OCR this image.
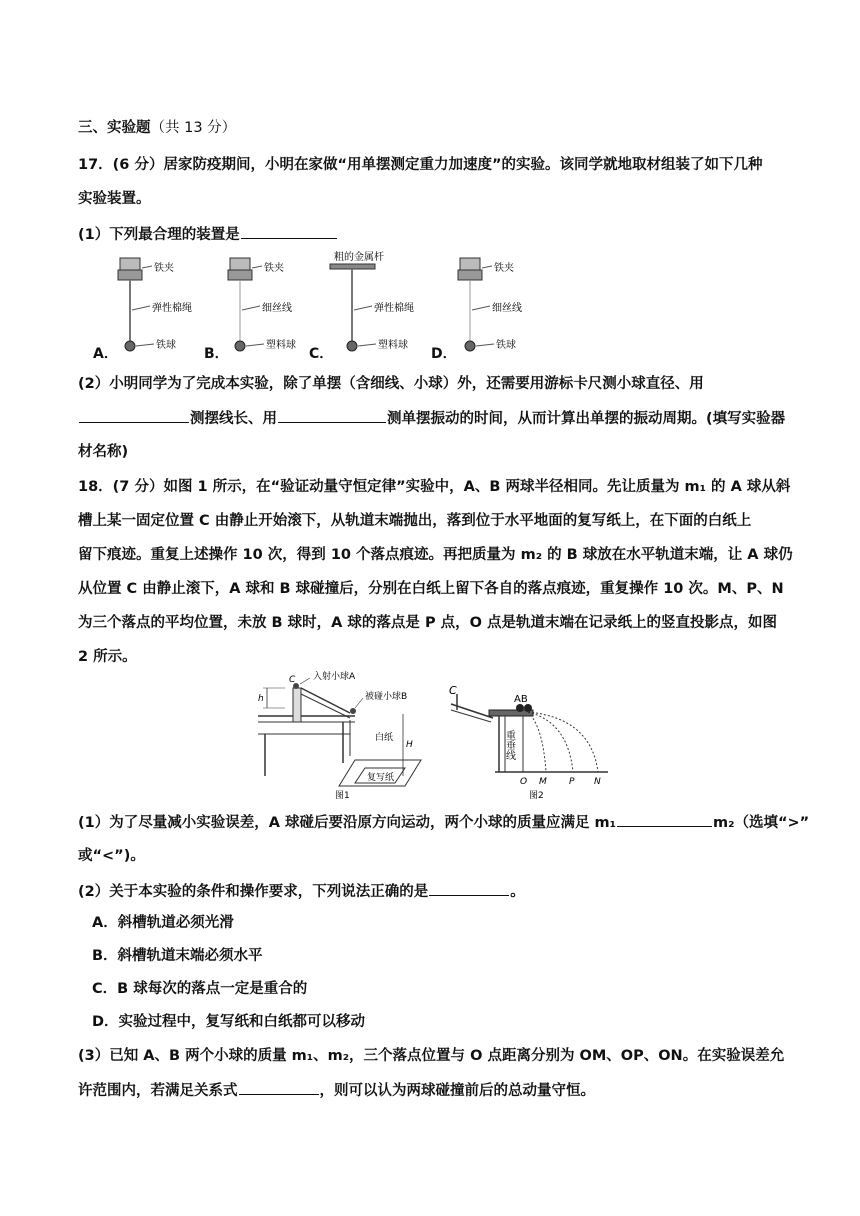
三、实验题（共 13 分）
17．(6 分）居家防疫期间，小明在家做“用单摆测定重力加速度”的实验。该同学就地取材组装了如下几种
实验装置。
(1）下列最合理的装置是
铁夹
弹性棉绳
铁球
铁夹
细丝线
塑料球
粗的金属杆
弹性棉绳
塑料球
铁夹
细丝线
铁球
A．	B．	C．	D．
(2）小明同学为了完成本实验，除了单摆（含细线、小球）外，还需要用游标卡尺测小球直径、用
测摆线长、用	测单摆振动的时间，从而计算出单摆的振动周期。(填写实验器
材名称)
18．(7 分）如图 1 所示，在“验证动量守恒定律”实验中，A、B 两球半径相同。先让质量为 m₁ 的 A 球从斜
槽上某一固定位置 C 由静止开始滚下，从轨道末端抛出，落到位于水平地面的复写纸上，在下面的白纸上
留下痕迹。重复上述操作 10 次，得到 10 个落点痕迹。再把质量为 m₂ 的 B 球放在水平轨道末端，让 A 球仍
从位置 C 由静止滚下，A 球和 B 球碰撞后，分别在白纸上留下各自的落点痕迹，重复操作 10 次。M、P、N
为三个落点的平均位置，未放 B 球时，A 球的落点是 P 点，O 点是轨道末端在记录纸上的竖直投影点，如图
2 所示。
入射小球A
被碰小球B
白纸
复写纸
C
h
H
图1
C
AB
重垂线
O M P N
图2
(1）为了尽量减小实验误差，A 球碰后要沿原方向运动，两个小球的质量应满足 m₁	m₂（选填“>”
或“<”)。
(2）关于本实验的条件和操作要求，下列说法正确的是	。
A．斜槽轨道必须光滑
B．斜槽轨道末端必须水平
C．B 球每次的落点一定是重合的
D．实验过程中，复写纸和白纸都可以移动
(3）已知 A、B 两个小球的质量 m₁、m₂，三个落点位置与 O 点距离分别为 OM、OP、ON。在实验误差允
许范围内，若满足关系式	，则可以认为两球碰撞前后的总动量守恒。
